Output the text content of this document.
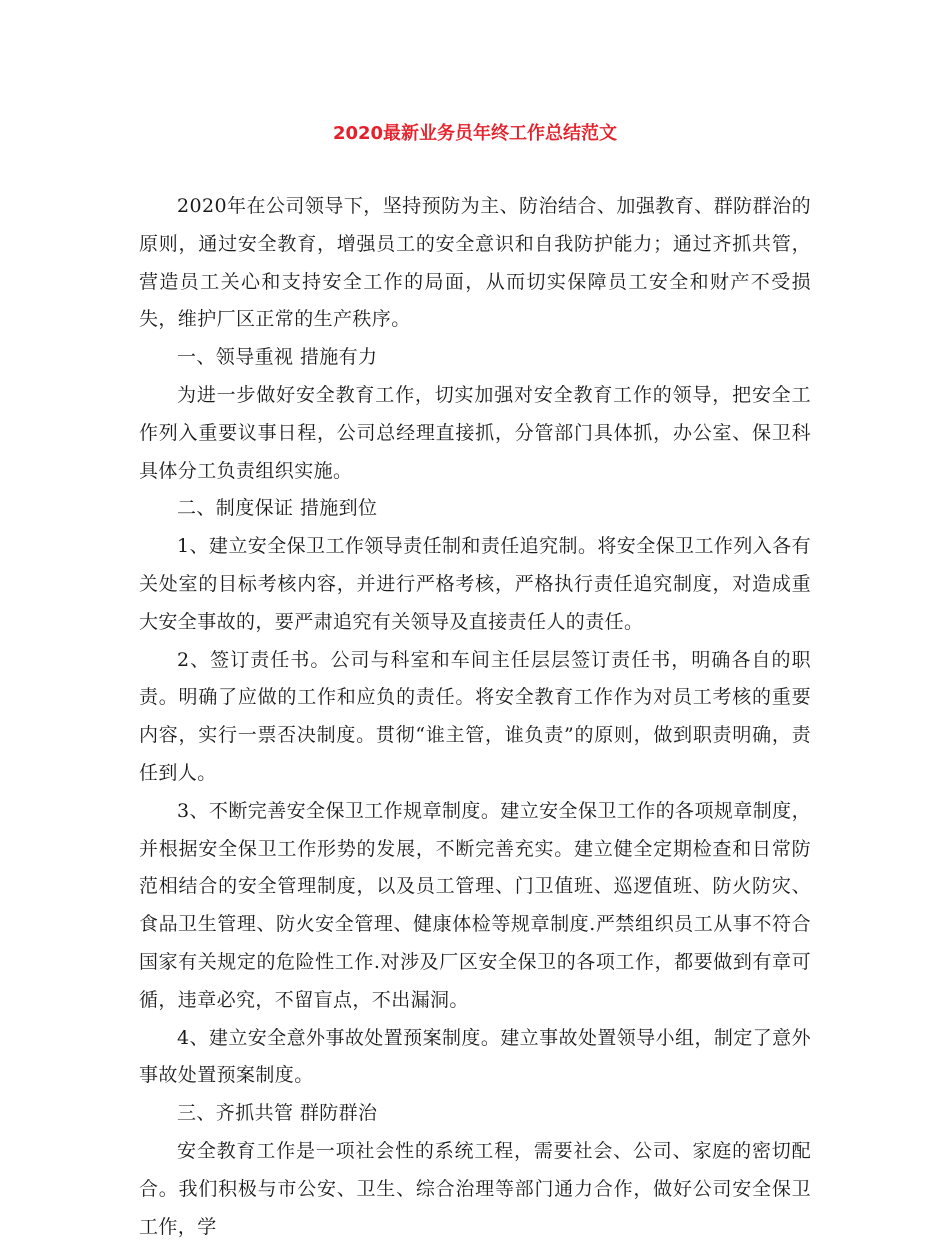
2020最新业务员年终工作总结范文

2020年在公司领导下，坚持预防为主、防治结合、加强教育、群防群治的原则，通过安全教育，增强员工的安全意识和自我防护能力；通过齐抓共管，营造员工关心和支持安全工作的局面，从而切实保障员工安全和财产不受损失，维护厂区正常的生产秩序。

一、领导重视 措施有力

为进一步做好安全教育工作，切实加强对安全教育工作的领导，把安全工作列入重要议事日程，公司总经理直接抓，分管部门具体抓，办公室、保卫科具体分工负责组织实施。

二、制度保证 措施到位

1、建立安全保卫工作领导责任制和责任追究制。将安全保卫工作列入各有关处室的目标考核内容，并进行严格考核，严格执行责任追究制度，对造成重大安全事故的，要严肃追究有关领导及直接责任人的责任。

2、签订责任书。公司与科室和车间主任层层签订责任书，明确各自的职责。明确了应做的工作和应负的责任。将安全教育工作作为对员工考核的重要内容，实行一票否决制度。贯彻“谁主管，谁负责”的原则，做到职责明确，责任到人。

3、不断完善安全保卫工作规章制度。建立安全保卫工作的各项规章制度，并根据安全保卫工作形势的发展，不断完善充实。建立健全定期检查和日常防范相结合的安全管理制度，以及员工管理、门卫值班、巡逻值班、防火防灾、食品卫生管理、防火安全管理、健康体检等规章制度.严禁组织员工从事不符合国家有关规定的危险性工作.对涉及厂区安全保卫的各项工作，都要做到有章可循，违章必究，不留盲点，不出漏洞。

4、建立安全意外事故处置预案制度。建立事故处置领导小组，制定了意外事故处置预案制度。

三、齐抓共管 群防群治

安全教育工作是一项社会性的系统工程，需要社会、公司、家庭的密切配合。我们积极与市公安、卫生、综合治理等部门通力合作，做好公司安全保卫工作，学
